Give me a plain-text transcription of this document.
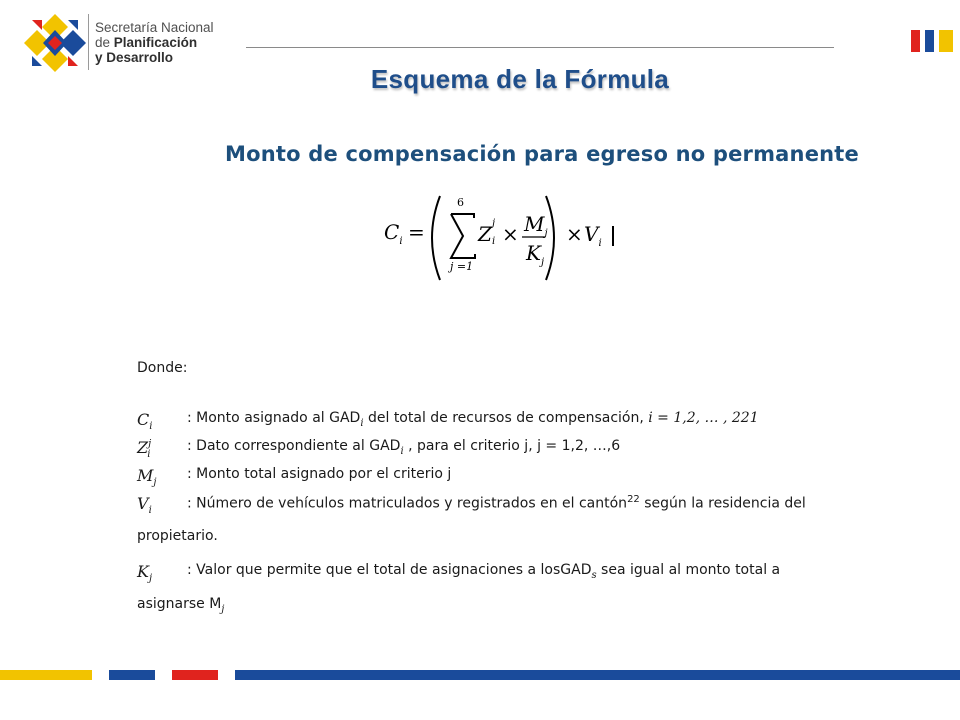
Secretaría Nacional
de Planificación
y Desarrollo
Esquema de la Fórmula
Monto de compensación para egreso no permanente
$C_i$ =
6
j =1
Z j
$i \times M_j$
$K_j$
× $V_i$
Donde:
$C_i$
: Monto asignado al $GAD_i$ del total de recursos de compensación, i = 1,2, … , 221
$Z^j_i$
: Dato correspondiente al $GAD_i$ , para el criterio j, j = 1,2, …,6
$M_j$
: Monto total asignado por el criterio j
$V_i$	: Número de vehículos matriculados y registrados en el cantón$^{22}$ según la residencia del
propietario.
$K_j$
: Valor que permite que el total de asignaciones a losGAD$_s$ sea igual al monto total a
asignarse $M_j$
